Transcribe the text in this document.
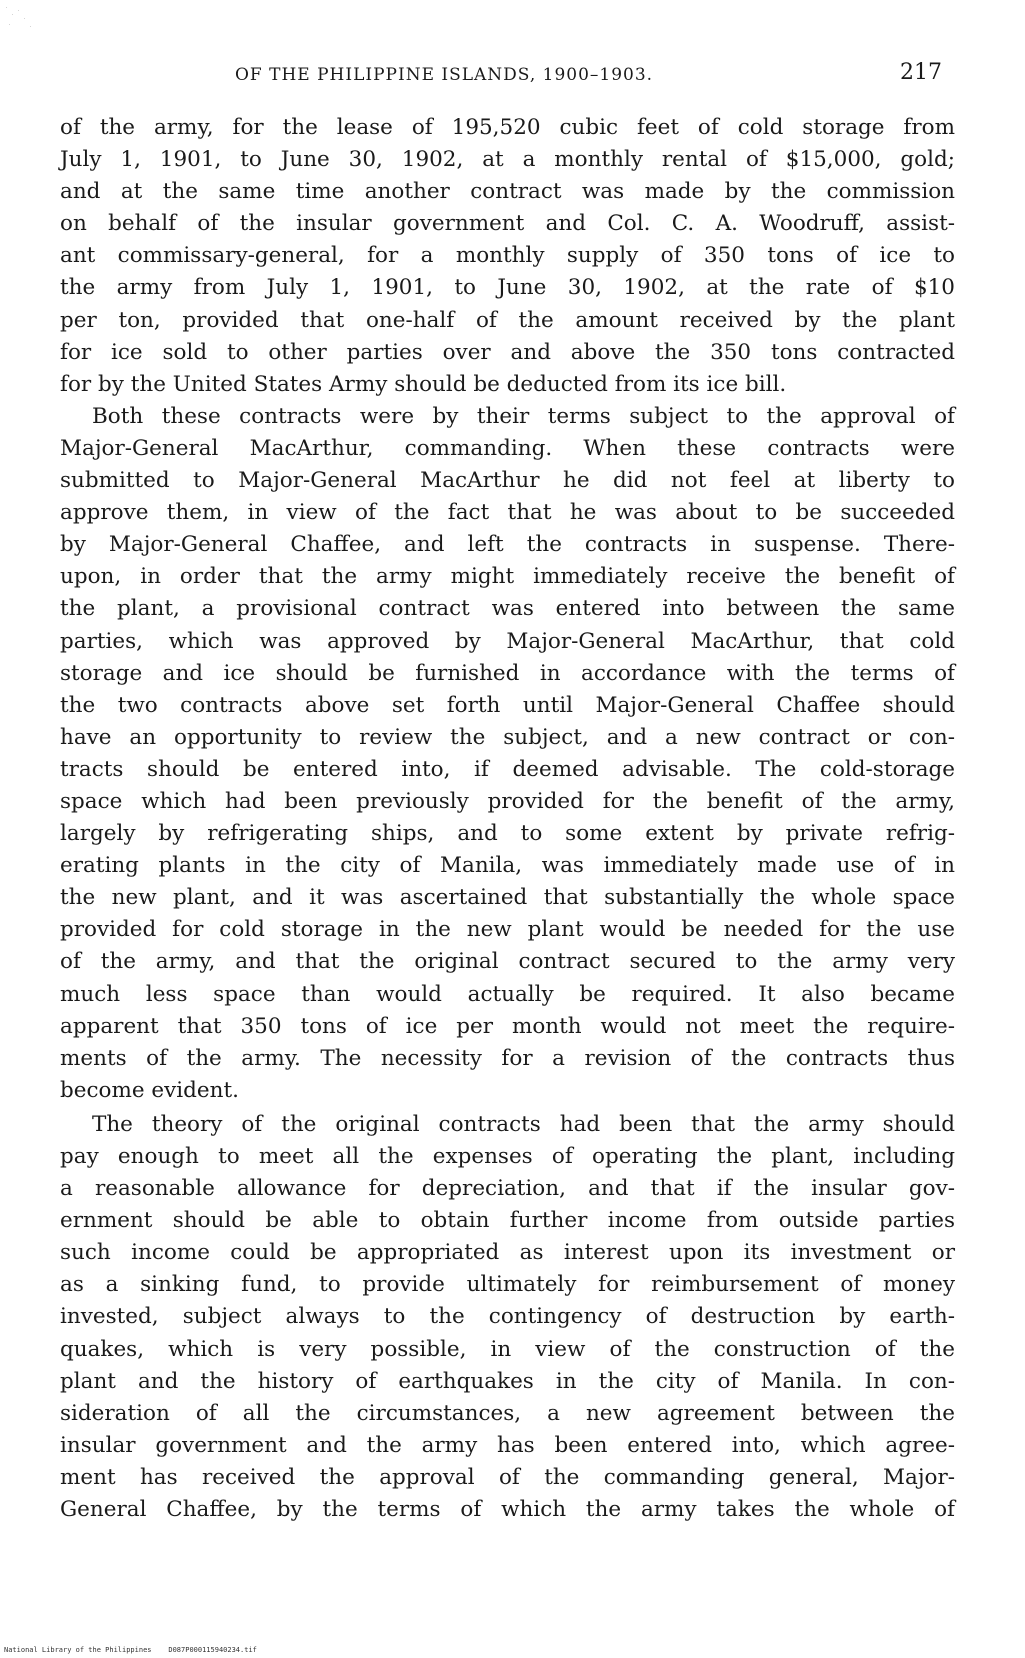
OF THE PHILIPPINE ISLANDS, 1900–1903.	217
of the army, for the lease of 195,520 cubic feet of cold storage from
July 1, 1901, to June 30, 1902, at a monthly rental of $15,000, gold;
and at the same time another contract was made by the commission
on behalf of the insular government and Col. C. A. Woodruff, assist-
ant commissary-general, for a monthly supply of 350 tons of ice to
the army from July 1, 1901, to June 30, 1902, at the rate of $10
per ton, provided that one-half of the amount received by the plant
for ice sold to other parties over and above the 350 tons contracted
for by the United States Army should be deducted from its ice bill.
Both these contracts were by their terms subject to the approval of
Major-General MacArthur, commanding. When these contracts were
submitted to Major-General MacArthur he did not feel at liberty to
approve them, in view of the fact that he was about to be succeeded
by Major-General Chaffee, and left the contracts in suspense. There-
upon, in order that the army might immediately receive the benefit of
the plant, a provisional contract was entered into between the same
parties, which was approved by Major-General MacArthur, that cold
storage and ice should be furnished in accordance with the terms of
the two contracts above set forth until Major-General Chaffee should
have an opportunity to review the subject, and a new contract or con-
tracts should be entered into, if deemed advisable. The cold-storage
space which had been previously provided for the benefit of the army,
largely by refrigerating ships, and to some extent by private refrig-
erating plants in the city of Manila, was immediately made use of in
the new plant, and it was ascertained that substantially the whole space
provided for cold storage in the new plant would be needed for the use
of the army, and that the original contract secured to the army very
much less space than would actually be required. It also became
apparent that 350 tons of ice per month would not meet the require-
ments of the army. The necessity for a revision of the contracts thus
become evident.
The theory of the original contracts had been that the army should
pay enough to meet all the expenses of operating the plant, including
a reasonable allowance for depreciation, and that if the insular gov-
ernment should be able to obtain further income from outside parties
such income could be appropriated as interest upon its investment or
as a sinking fund, to provide ultimately for reimbursement of money
invested, subject always to the contingency of destruction by earth-
quakes, which is very possible, in view of the construction of the
plant and the history of earthquakes in the city of Manila. In con-
sideration of all the circumstances, a new agreement between the
insular government and the army has been entered into, which agree-
ment has received the approval of the commanding general, Major-
General Chaffee, by the terms of which the army takes the whole of
National Library of the Philippines D087P000115940234.tif
